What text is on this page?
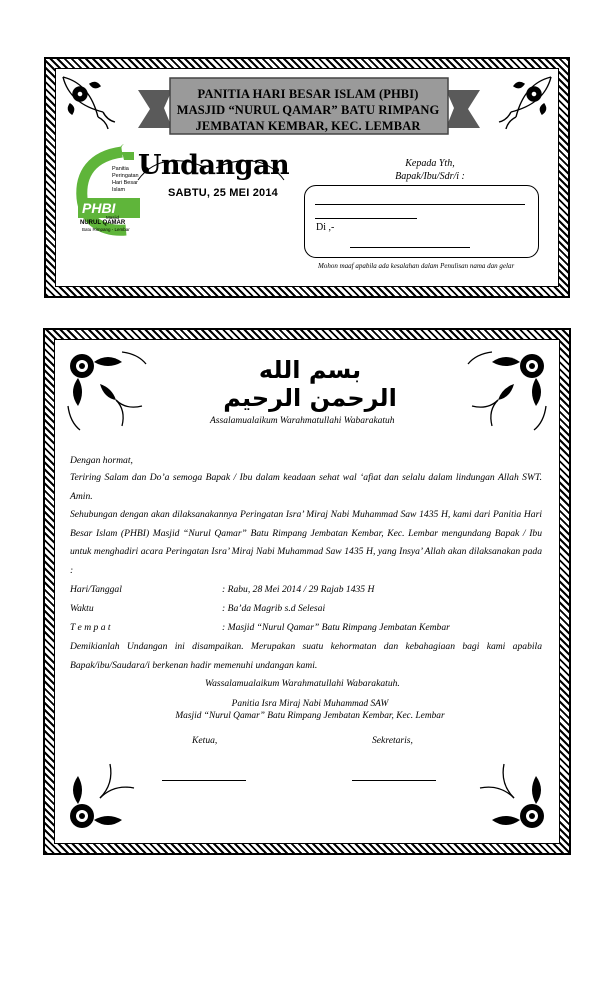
PANITIA HARI BESAR ISLAM (PHBI)
MASJID “NURUL QAMAR” BATU RIMPANG
JEMBATAN KEMBAR, KEC. LEMBAR
Panitia
Peringatan
Hari Besar
Islam
PHBI
Masjid
NURUL QAMAR
Batu Rimpang - Lembar
Undangan
SABTU, 25 MEI 2014
Kepada Yth,
Bapak/Ibu/Sdr/i :
Di ,-
Mohon maaf apabila ada kesalahan dalam Penulisan nama dan gelar
بسم الله الرحمن الرحيم
Assalamualaikum Warahmatullahi Wabarakatuh
Dengan hormat,
Teriring Salam dan Do’a semoga Bapak / Ibu dalam keadaan sehat wal ‘afiat dan selalu dalam lindungan Allah SWT. Amin.
Sehubungan dengan akan dilaksanakannya Peringatan Isra’ Miraj Nabi Muhammad Saw 1435 H, kami dari Panitia Hari Besar Islam (PHBI) Masjid “Nurul Qamar” Batu Rimpang Jembatan Kembar, Kec. Lembar mengundang Bapak / Ibu untuk menghadiri acara Peringatan Isra’ Miraj Nabi Muhammad Saw 1435 H, yang Insya’ Allah akan dilaksanakan pada :
Hari/Tanggal	: Rabu, 28 Mei 2014 / 29 Rajab 1435 H
Waktu	: Ba’da Magrib s.d Selesai
T e m p a t	: Masjid “Nurul Qamar” Batu Rimpang Jembatan Kembar
Demikianlah Undangan ini disampaikan. Merupakan suatu kehormatan dan kebahagiaan bagi kami apabila Bapak/ibu/Saudara/i berkenan hadir memenuhi undangan kami.
Wassalamualaikum Warahmatullahi Wabarakatuh.
Panitia Isra Miraj Nabi Muhammad SAW
Masjid “Nurul Qamar” Batu Rimpang Jembatan Kembar, Kec. Lembar
Ketua,	Sekretaris,
